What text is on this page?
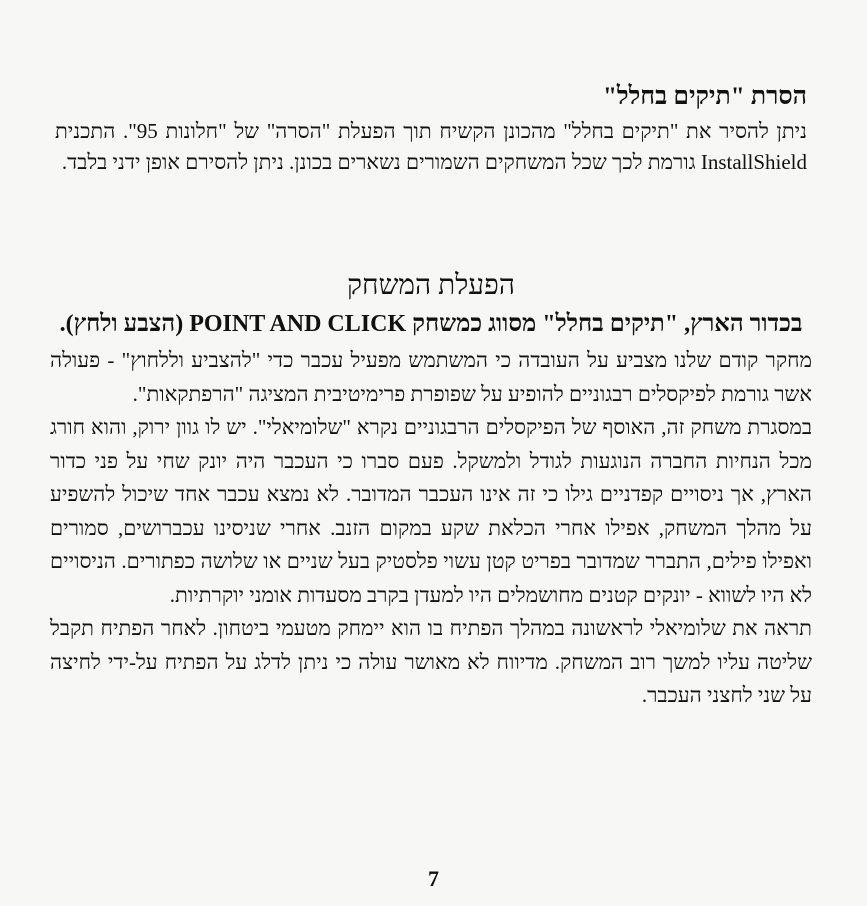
הסרת "תיקים בחלל"

ניתן להסיר את "תיקים בחלל" מהכונן הקשיח תוך הפעלת "הסרה" של "חלונות 95". התכנית InstallShield גורמת לכך שכל המשחקים השמורים נשארים בכונן. ניתן להסירם אופן ידני בלבד.

הפעלת המשחק
בכדור הארץ, "תיקים בחלל" מסווג כמשחק POINT AND CLICK (הצבע ולחץ).

מחקר קודם שלנו מצביע על העובדה כי המשתמש מפעיל עכבר כדי "להצביע וללחוץ" - פעולה אשר גורמת לפיקסלים רבגוניים להופיע על שפופרת פרימיטיבית המציגה "הרפתקאות".

במסגרת משחק זה, האוסף של הפיקסלים הרבגוניים נקרא "שלומיאלי". יש לו גוון ירוק, והוא חורג מכל הנחיות החברה הנוגעות לגודל ולמשקל. פעם סברו כי העכבר היה יונק שחי על פני כדור הארץ, אך ניסויים קפדניים גילו כי זה אינו העכבר המדובר. לא נמצא עכבר אחד שיכול להשפיע על מהלך המשחק, אפילו אחרי הכלאת שקע במקום הזנב. אחרי שניסינו עכברושים, סמורים ואפילו פילים, התברר שמדובר בפריט קטן עשוי פלסטיק בעל שניים או שלושה כפתורים. הניסויים לא היו לשווא - יונקים קטנים מחושמלים היו למעדן בקרב מסעדות אומני יוקרתיות.

תראה את שלומיאלי לראשונה במהלך הפתיח בו הוא יימחק מטעמי ביטחון. לאחר הפתיח תקבל שליטה עליו למשך רוב המשחק. מדיווח לא מאושר עולה כי ניתן לדלג על הפתיח על-ידי לחיצה על שני לחצני העכבר.

7
